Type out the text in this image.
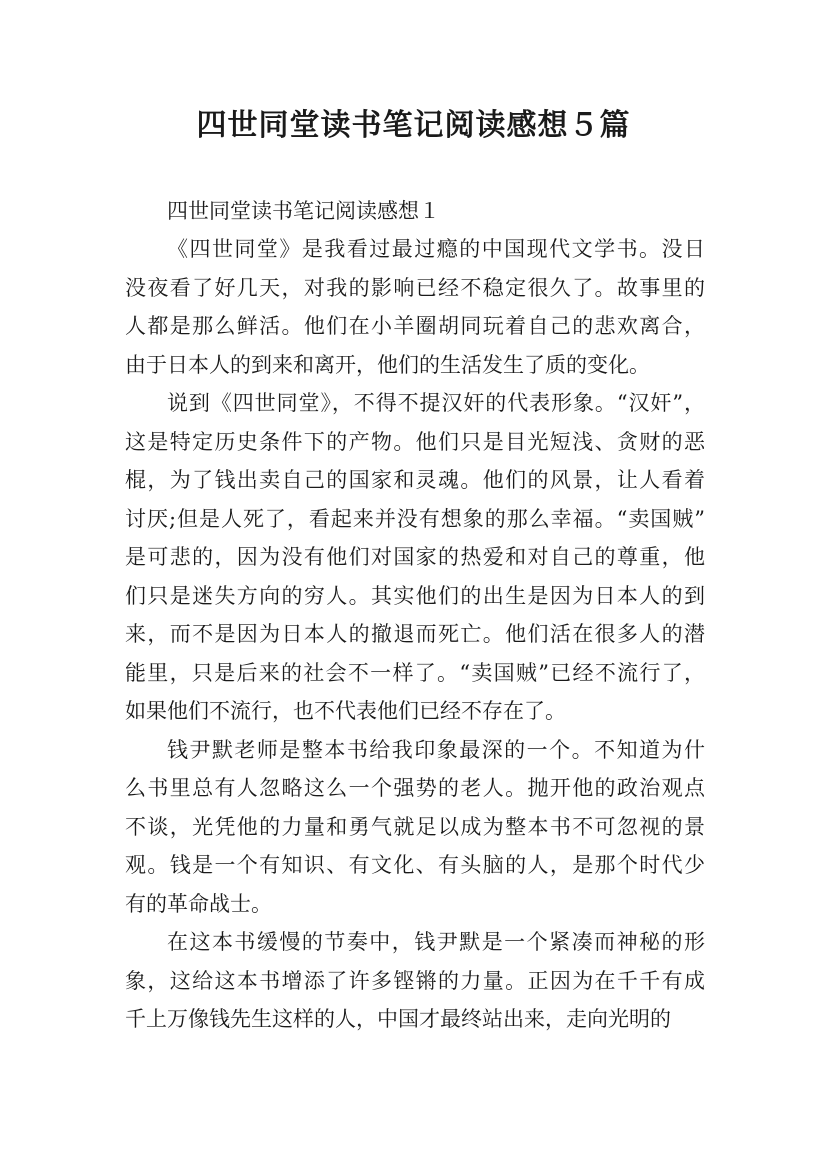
四世同堂读书笔记阅读感想５篇
四世同堂读书笔记阅读感想１
《四世同堂》是我看过最过瘾的中国现代文学书。没日
没夜看了好几天，对我的影响已经不稳定很久了。故事里的
人都是那么鲜活。他们在小羊圈胡同玩着自己的悲欢离合，
由于日本人的到来和离开，他们的生活发生了质的变化。
说到《四世同堂》，不得不提汉奸的代表形象。“汉奸”，
这是特定历史条件下的产物。他们只是目光短浅、贪财的恶
棍，为了钱出卖自己的国家和灵魂。他们的风景，让人看着
讨厌;但是人死了，看起来并没有想象的那么幸福。“卖国贼”
是可悲的，因为没有他们对国家的热爱和对自己的尊重，他
们只是迷失方向的穷人。其实他们的出生是因为日本人的到
来，而不是因为日本人的撤退而死亡。他们活在很多人的潜
能里，只是后来的社会不一样了。“卖国贼”已经不流行了，
如果他们不流行，也不代表他们已经不存在了。
钱尹默老师是整本书给我印象最深的一个。不知道为什
么书里总有人忽略这么一个强势的老人。抛开他的政治观点
不谈，光凭他的力量和勇气就足以成为整本书不可忽视的景
观。钱是一个有知识、有文化、有头脑的人，是那个时代少
有的革命战士。
在这本书缓慢的节奏中，钱尹默是一个紧凑而神秘的形
象，这给这本书增添了许多铿锵的力量。正因为在千千有成
千上万像钱先生这样的人，中国才最终站出来，走向光明的
